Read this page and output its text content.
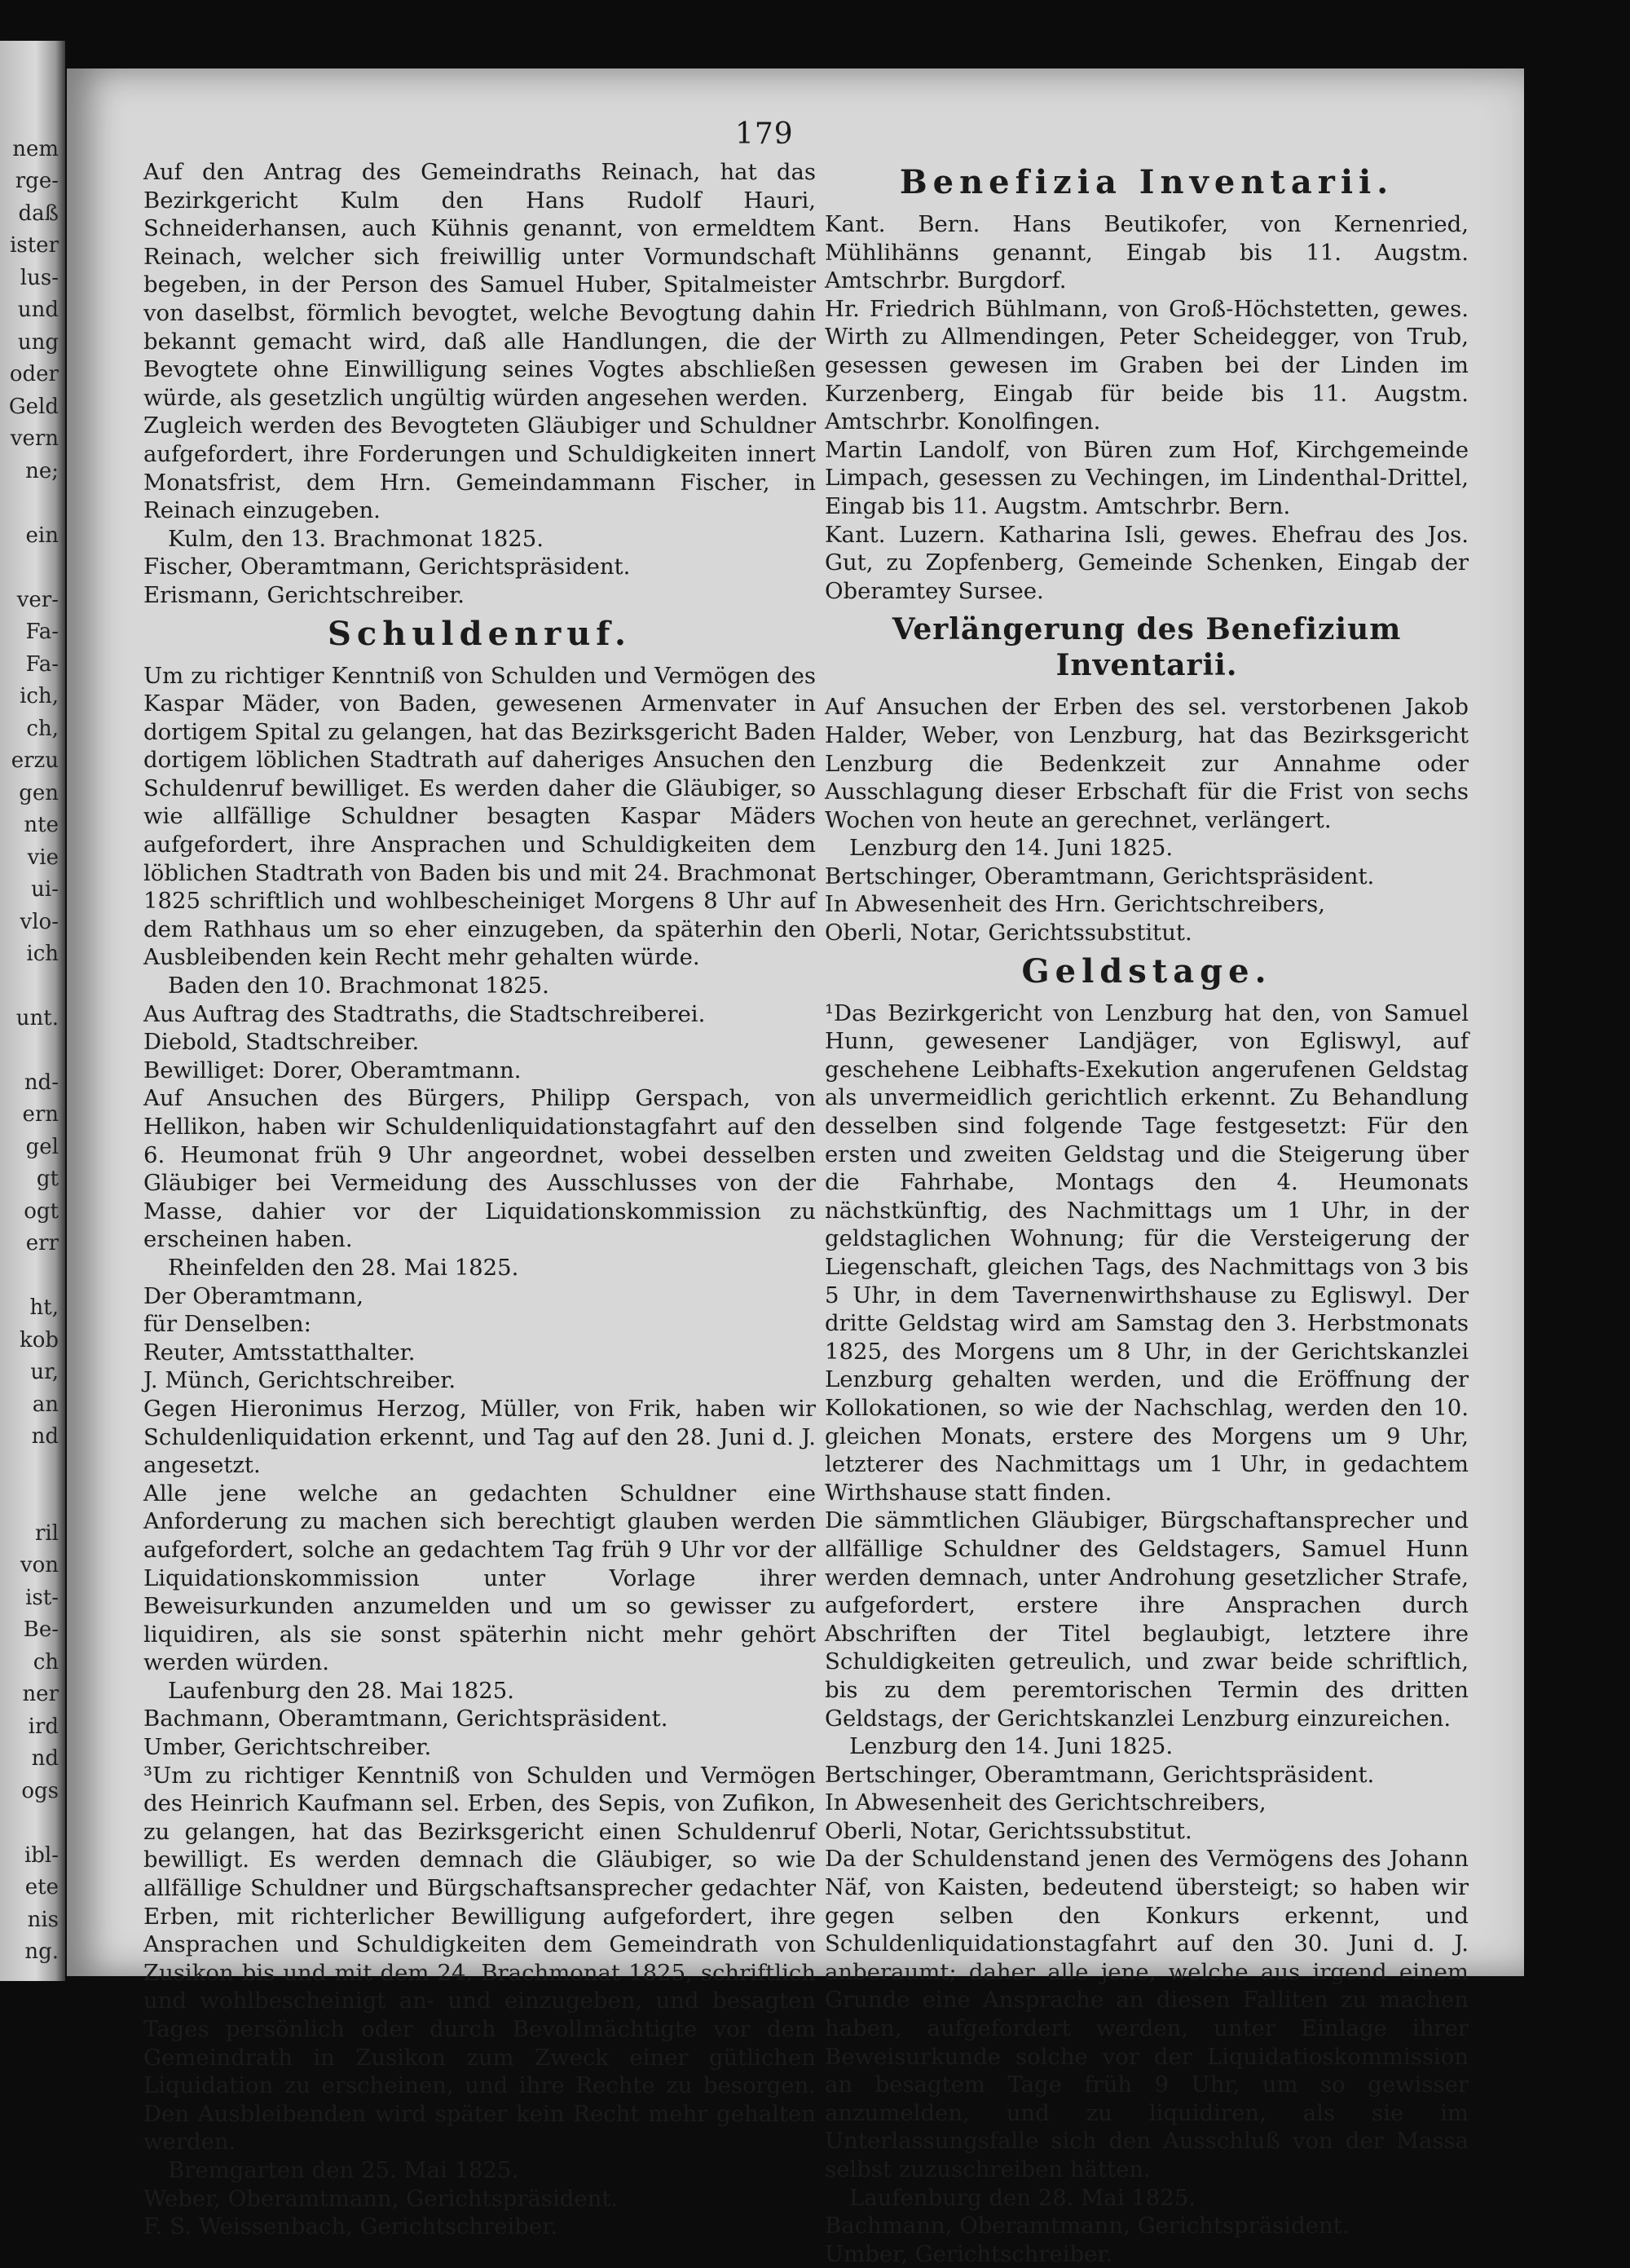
nem
rge-
daß
ister
lus-
und
ung
oder
Geld
vern
ne;
ein
ver-
Fa-
Fa-
ich,
ch,
erzu
gen
nte
vie
ui-
vlo-
ich
unt.
nd-
ern
gel
gt
ogt
err
ht,
kob
ur,
an
nd
ril
von
ist-
Be-
ch
ner
ird
nd
ogs
ibl-
ete
nis
ng.
179

Auf den Antrag des Gemeindraths Reinach, hat das Bezirkgericht Kulm den Hans Rudolf Hauri, Schneiderhansen, auch Kühnis genannt, von ermeldtem Reinach, welcher sich freiwillig unter Vormundschaft begeben, in der Person des Samuel Huber, Spitalmeister von daselbst, förmlich bevogtet, welche Bevogtung dahin bekannt gemacht wird, daß alle Handlungen, die der Bevogtete ohne Einwilligung seines Vogtes abschließen würde, als gesetzlich ungültig würden angesehen werden.

Zugleich werden des Bevogteten Gläubiger und Schuldner aufgefordert, ihre Forderungen und Schuldigkeiten innert Monatsfrist, dem Hrn. Gemeindammann Fischer, in Reinach einzugeben.

Kulm, den 13. Brachmonat 1825.

Fischer, Oberamtmann, Gerichtspräsident.

Erismann, Gerichtschreiber.

Schuldenruf.

Um zu richtiger Kenntniß von Schulden und Vermögen des Kaspar Mäder, von Baden, gewesenen Armenvater in dortigem Spital zu gelangen, hat das Bezirksgericht Baden dortigem löblichen Stadtrath auf daheriges Ansuchen den Schuldenruf bewilliget. Es werden daher die Gläubiger, so wie allfällige Schuldner besagten Kaspar Mäders aufgefordert, ihre Ansprachen und Schuldigkeiten dem löblichen Stadtrath von Baden bis und mit 24. Brachmonat 1825 schriftlich und wohlbescheiniget Morgens 8 Uhr auf dem Rathhaus um so eher einzugeben, da späterhin den Ausbleibenden kein Recht mehr gehalten würde.

Baden den 10. Brachmonat 1825.

Aus Auftrag des Stadtraths, die Stadtschreiberei.

Diebold, Stadtschreiber.

Bewilliget: Dorer, Oberamtmann.

Auf Ansuchen des Bürgers, Philipp Gerspach, von Hellikon, haben wir Schuldenliquidationstagfahrt auf den 6. Heumonat früh 9 Uhr angeordnet, wobei desselben Gläubiger bei Vermeidung des Ausschlusses von der Masse, dahier vor der Liquidationskommission zu erscheinen haben.

Rheinfelden den 28. Mai 1825.

Der Oberamtmann,

für Denselben:

Reuter, Amtsstatthalter.

J. Münch, Gerichtschreiber.

Gegen Hieronimus Herzog, Müller, von Frik, haben wir Schuldenliquidation erkennt, und Tag auf den 28. Juni d. J. angesetzt.

Alle jene welche an gedachten Schuldner eine Anforderung zu machen sich berechtigt glauben werden aufgefordert, solche an gedachtem Tag früh 9 Uhr vor der Liquidationskommission unter Vorlage ihrer Beweisurkunden anzumelden und um so gewisser zu liquidiren, als sie sonst späterhin nicht mehr gehört werden würden.

Laufenburg den 28. Mai 1825.

Bachmann, Oberamtmann, Gerichtspräsident.

Umber, Gerichtschreiber.

³Um zu richtiger Kenntniß von Schulden und Vermögen des Heinrich Kaufmann sel. Erben, des Sepis, von Zufikon, zu gelangen, hat das Bezirksgericht einen Schuldenruf bewilligt. Es werden demnach die Gläubiger, so wie allfällige Schuldner und Bürgschaftsansprecher gedachter Erben, mit richterlicher Bewilligung aufgefordert, ihre Ansprachen und Schuldigkeiten dem Gemeindrath von Zusikon bis und mit dem 24. Brachmonat 1825, schriftlich und wohlbescheinigt an- und einzugeben, und besagten Tages persönlich oder durch Bevollmächtigte vor dem Gemeindrath in Zusikon zum Zweck einer gütlichen Liquidation zu erscheinen, und ihre Rechte zu besorgen. Den Ausbleibenden wird später kein Recht mehr gehalten werden.

Bremgarten den 25. Mai 1825.

Weber, Oberamtmann, Gerichtspräsident.

F. S. Weissenbach, Gerichtschreiber.

Benefizia Inventarii.

Kant. Bern. Hans Beutikofer, von Kernenried, Mühlihänns genannt, Eingab bis 11. Augstm. Amtschrbr. Burgdorf.

Hr. Friedrich Bühlmann, von Groß-Höchstetten, gewes. Wirth zu Allmendingen, Peter Scheidegger, von Trub, gesessen gewesen im Graben bei der Linden im Kurzenberg, Eingab für beide bis 11. Augstm. Amtschrbr. Konolfingen.

Martin Landolf, von Büren zum Hof, Kirchgemeinde Limpach, gesessen zu Vechingen, im Lindenthal-Drittel, Eingab bis 11. Augstm. Amtschrbr. Bern.

Kant. Luzern. Katharina Isli, gewes. Ehefrau des Jos. Gut, zu Zopfenberg, Gemeinde Schenken, Eingab der Oberamtey Sursee.

Verlängerung des Benefizium Inventarii.

Auf Ansuchen der Erben des sel. verstorbenen Jakob Halder, Weber, von Lenzburg, hat das Bezirksgericht Lenzburg die Bedenkzeit zur Annahme oder Ausschlagung dieser Erbschaft für die Frist von sechs Wochen von heute an gerechnet, verlängert.

Lenzburg den 14. Juni 1825.

Bertschinger, Oberamtmann, Gerichtspräsident.

In Abwesenheit des Hrn. Gerichtschreibers,

Oberli, Notar, Gerichtssubstitut.

Geldstage.

¹Das Bezirkgericht von Lenzburg hat den, von Samuel Hunn, gewesener Landjäger, von Egliswyl, auf geschehene Leibhafts-Exekution angerufenen Geldstag als unvermeidlich gerichtlich erkennt. Zu Behandlung desselben sind folgende Tage festgesetzt: Für den ersten und zweiten Geldstag und die Steigerung über die Fahrhabe, Montags den 4. Heumonats nächstkünftig, des Nachmittags um 1 Uhr, in der geldstaglichen Wohnung; für die Versteigerung der Liegenschaft, gleichen Tags, des Nachmittags von 3 bis 5 Uhr, in dem Tavernenwirthshause zu Egliswyl. Der dritte Geldstag wird am Samstag den 3. Herbstmonats 1825, des Morgens um 8 Uhr, in der Gerichtskanzlei Lenzburg gehalten werden, und die Eröffnung der Kollokationen, so wie der Nachschlag, werden den 10. gleichen Monats, erstere des Morgens um 9 Uhr, letzterer des Nachmittags um 1 Uhr, in gedachtem Wirthshause statt finden.

Die sämmtlichen Gläubiger, Bürgschaftansprecher und allfällige Schuldner des Geldstagers, Samuel Hunn werden demnach, unter Androhung gesetzlicher Strafe, aufgefordert, erstere ihre Ansprachen durch Abschriften der Titel beglaubigt, letztere ihre Schuldigkeiten getreulich, und zwar beide schriftlich, bis zu dem peremtorischen Termin des dritten Geldstags, der Gerichtskanzlei Lenzburg einzureichen.

Lenzburg den 14. Juni 1825.

Bertschinger, Oberamtmann, Gerichtspräsident.

In Abwesenheit des Gerichtschreibers,

Oberli, Notar, Gerichtssubstitut.

Da der Schuldenstand jenen des Vermögens des Johann Näf, von Kaisten, bedeutend übersteigt; so haben wir gegen selben den Konkurs erkennt, und Schuldenliquidationstagfahrt auf den 30. Juni d. J. anberaumt; daher alle jene, welche aus irgend einem Grunde eine Ansprache an diesen Falliten zu machen haben, aufgefordert werden, unter Einlage ihrer Beweisurkunde solche vor der Liquidatioskommission an besagtem Tage früh 9 Uhr, um so gewisser anzumelden, und zu liquidiren, als sie im Unterlassungsfalle sich den Ausschluß von der Massa selbst zuzuschreiben hätten.

Laufenburg den 28. Mai 1825.

Bachmann, Oberamtmann, Gerichtspräsident.

Umber, Gerichtschreiber.
